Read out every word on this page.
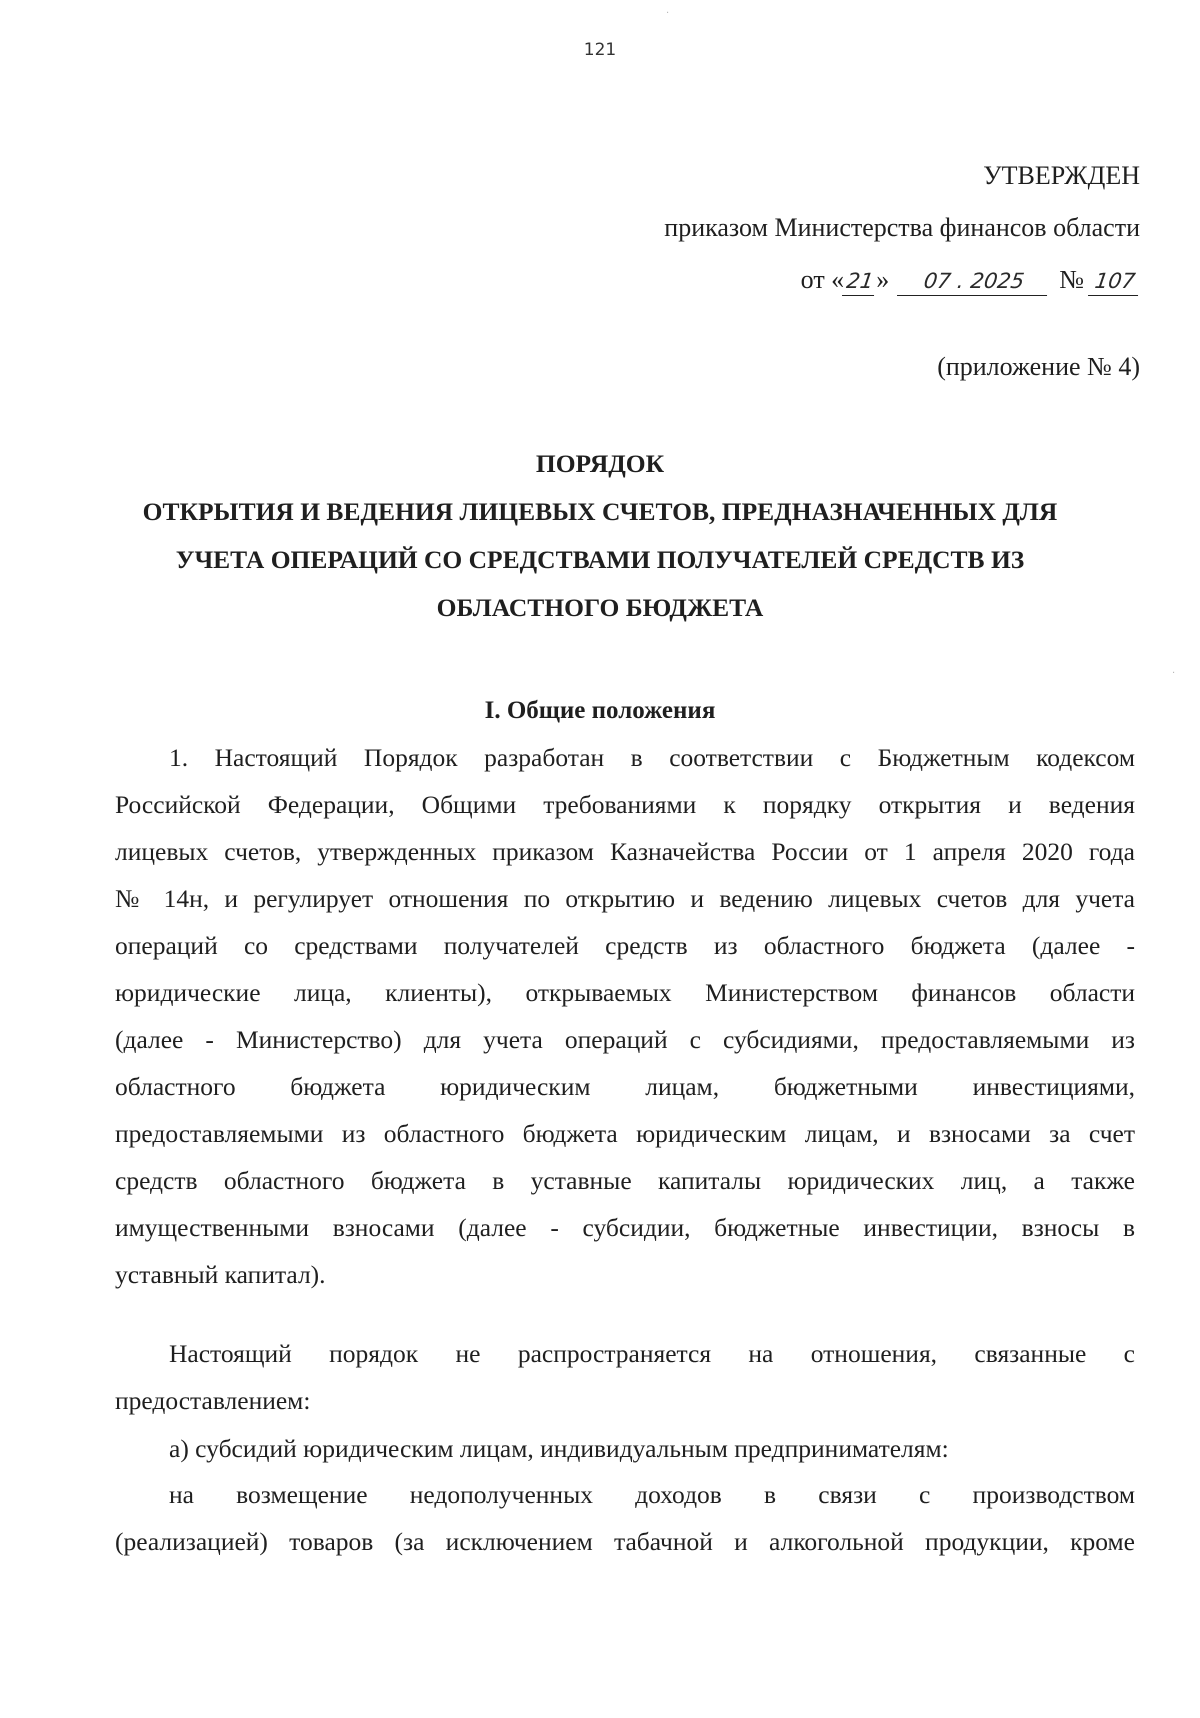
·
·
121
УТВЕРЖДЕН
приказом Министерства финансов области
от «21» 07 . 2025 № 107
(приложение № 4)
ПОРЯДОК
ОТКРЫТИЯ И ВЕДЕНИЯ ЛИЦЕВЫХ СЧЕТОВ, ПРЕДНАЗНАЧЕННЫХ ДЛЯ
УЧЕТА ОПЕРАЦИЙ СО СРЕДСТВАМИ ПОЛУЧАТЕЛЕЙ СРЕДСТВ ИЗ
ОБЛАСТНОГО БЮДЖЕТА
I. Общие положения
1. Настоящий Порядок разработан в соответствии с Бюджетным кодексом
Российской Федерации, Общими требованиями к порядку открытия и ведения
лицевых счетов, утвержденных приказом Казначейства России от 1 апреля 2020 года
№ 14н, и регулирует отношения по открытию и ведению лицевых счетов для учета
операций со средствами получателей средств из областного бюджета (далее -
юридические лица, клиенты), открываемых Министерством финансов области
(далее - Министерство) для учета операций с субсидиями, предоставляемыми из
областного бюджета юридическим лицам, бюджетными инвестициями,
предоставляемыми из областного бюджета юридическим лицам, и взносами за счет
средств областного бюджета в уставные капиталы юридических лиц, а также
имущественными взносами (далее - субсидии, бюджетные инвестиции, взносы в
уставный капитал).
Настоящий порядок не распространяется на отношения, связанные с
предоставлением:
а) субсидий юридическим лицам, индивидуальным предпринимателям:
на возмещение недополученных доходов в связи с производством
(реализацией) товаров (за исключением табачной и алкогольной продукции, кроме
